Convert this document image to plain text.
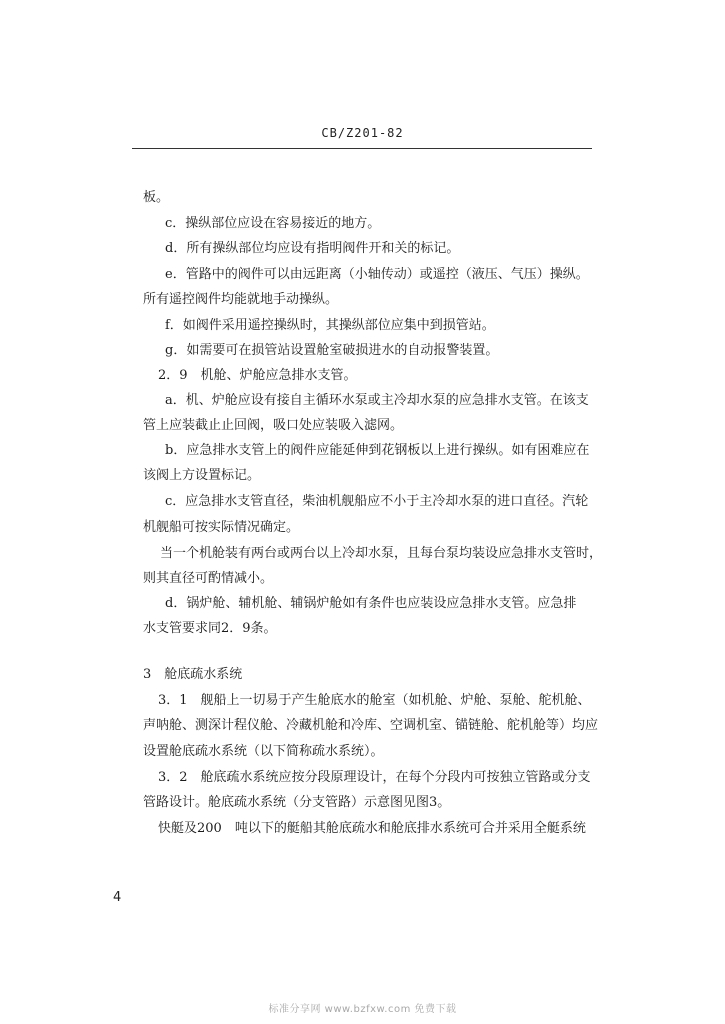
CB/Z201-82
板。
c．操纵部位应设在容易接近的地方。
d．所有操纵部位均应设有指明阀件开和关的标记。
e．管路中的阀件可以由远距离（小轴传动）或遥控（液压、气压）操纵。
所有遥控阀件均能就地手动操纵。
f．如阀件采用遥控操纵时，其操纵部位应集中到损管站。
g．如需要可在损管站设置舱室破损进水的自动报警装置。
2．9　机舱、炉舱应急排水支管。
a．机、炉舱应设有接自主循环水泵或主冷却水泵的应急排水支管。在该支
管上应装截止止回阀，吸口处应装吸入滤网。
b．应急排水支管上的阀件应能延伸到花钢板以上进行操纵。如有困难应在
该阀上方设置标记。
c．应急排水支管直径，柴油机舰船应不小于主冷却水泵的进口直径。汽轮
机舰船可按实际情况确定。
当一个机舱装有两台或两台以上冷却水泵，且每台泵均装设应急排水支管时，
则其直径可酌情减小。
d．锅炉舱、辅机舱、辅锅炉舱如有条件也应装设应急排水支管。应急排
水支管要求同2．9条。
3　舱底疏水系统
3．1　舰船上一切易于产生舱底水的舱室（如机舱、炉舱、泵舱、舵机舱、
声呐舱、测深计程仪舱、冷藏机舱和冷库、空调机室、锚链舱、舵机舱等）均应
设置舱底疏水系统（以下简称疏水系统）。
3．2　舱底疏水系统应按分段原理设计，在每个分段内可按独立管路或分支
管路设计。舱底疏水系统（分支管路）示意图见图3。
快艇及200　吨以下的艇船其舱底疏水和舱底排水系统可合并采用全艇系统
4
标准分享网 www.bzfxw.com 免费下载
